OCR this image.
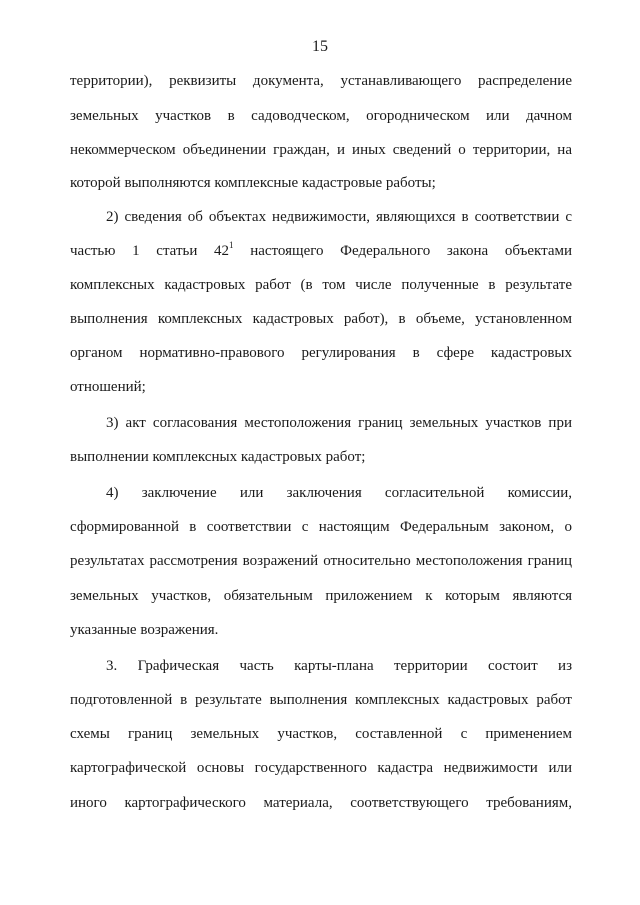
15
территории), реквизиты документа, устанавливающего распределение
земельных участков в садоводческом, огородническом или дачном
некоммерческом объединении граждан, и иных сведений о территории, на
которой выполняются комплексные кадастровые работы;
2) сведения об объектах недвижимости, являющихся в соответствии с
частью 1 статьи $42^1$ настоящего Федерального закона объектами
комплексных кадастровых работ (в том числе полученные в результате
выполнения комплексных кадастровых работ), в объеме, установленном
органом нормативно-правового регулирования в сфере кадастровых
отношений;
3) акт согласования местоположения границ земельных участков при
выполнении комплексных кадастровых работ;
4) заключение или заключения согласительной комиссии,
сформированной в соответствии с настоящим Федеральным законом, о
результатах рассмотрения возражений относительно местоположения границ
земельных участков, обязательным приложением к которым являются
указанные возражения.
3. Графическая часть карты-плана территории состоит из
подготовленной в результате выполнения комплексных кадастровых работ
схемы границ земельных участков, составленной с применением
картографической основы государственного кадастра недвижимости или
иного картографического материала, соответствующего требованиям,
